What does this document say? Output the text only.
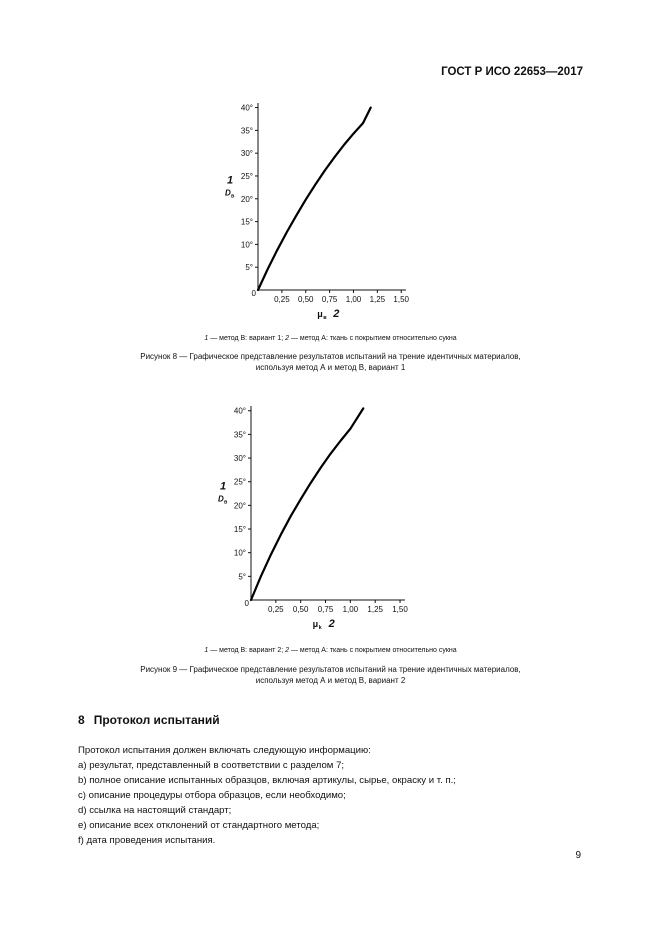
ГОСТ Р ИСО 22653—2017
5°
10°
15°
20°
25°
30°
35°
40°
0,25 0,50 0,75 1,00 1,25 1,50
0
1
D в
μ в 2
1 — метод В: вариант 1; 2 — метод А: ткань с покрытием относительно сукна
Рисунок 8 — Графическое представление результатов испытаний на трение идентичных материалов,
используя метод А и метод В, вариант 1
5°
10°
15°
20°
25°
30°
35°
40°
0,25 0,50 0,75 1,00 1,25 1,50
0
1
D в
μ k 2
1 — метод В: вариант 2; 2 — метод А: ткань с покрытием относительно сукна
Рисунок 9 — Графическое представление результатов испытаний на трение идентичных материалов,
используя метод А и метод В, вариант 2
8 Протокол испытаний
Протокол испытания должен включать следующую информацию:
a) результат, представленный в соответствии с разделом 7;
b) полное описание испытанных образцов, включая артикулы, сырье, окраску и т. п.;
c) описание процедуры отбора образцов, если необходимо;
d) ссылка на настоящий стандарт;
e) описание всех отклонений от стандартного метода;
f) дата проведения испытания.
9
